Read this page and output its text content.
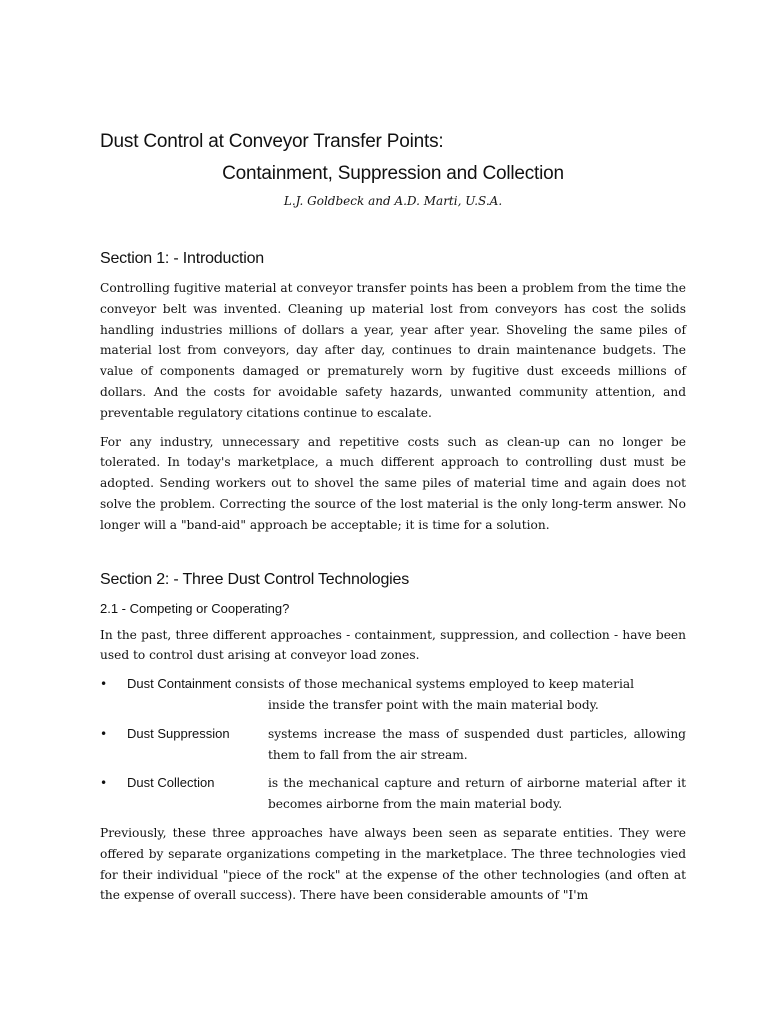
Dust Control at Conveyor Transfer Points:
Containment, Suppression and Collection

L.J. Goldbeck and A.D. Marti, U.S.A.

Section 1: - Introduction

Controlling fugitive material at conveyor transfer points has been a problem from the time the conveyor belt was invented. Cleaning up material lost from conveyors has cost the solids handling industries millions of dollars a year, year after year. Shoveling the same piles of material lost from conveyors, day after day, continues to drain maintenance budgets. The value of components damaged or prematurely worn by fugitive dust exceeds millions of dollars. And the costs for avoidable safety hazards, unwanted community attention, and preventable regulatory citations continue to escalate.

For any industry, unnecessary and repetitive costs such as clean-up can no longer be tolerated. In today's marketplace, a much different approach to controlling dust must be adopted. Sending workers out to shovel the same piles of material time and again does not solve the problem. Correcting the source of the lost material is the only long-term answer. No longer will a "band-aid" approach be acceptable; it is time for a solution.

Section 2: - Three Dust Control Technologies
2.1 - Competing or Cooperating?

In the past, three different approaches - containment, suppression, and collection - have been used to control dust arising at conveyor load zones.

• Dust Containment consists of those mechanical systems employed to keep material
inside the transfer point with the main material body.
• Dust Suppression	systems increase the mass of suspended dust particles, allowing them to fall from the air stream.
• Dust Collection	is the mechanical capture and return of airborne material after it becomes airborne from the main material body.

Previously, these three approaches have always been seen as separate entities. They were offered by separate organizations competing in the marketplace. The three technologies vied for their individual "piece of the rock" at the expense of the other technologies (and often at the expense of overall success). There have been considerable amounts of "I'm
